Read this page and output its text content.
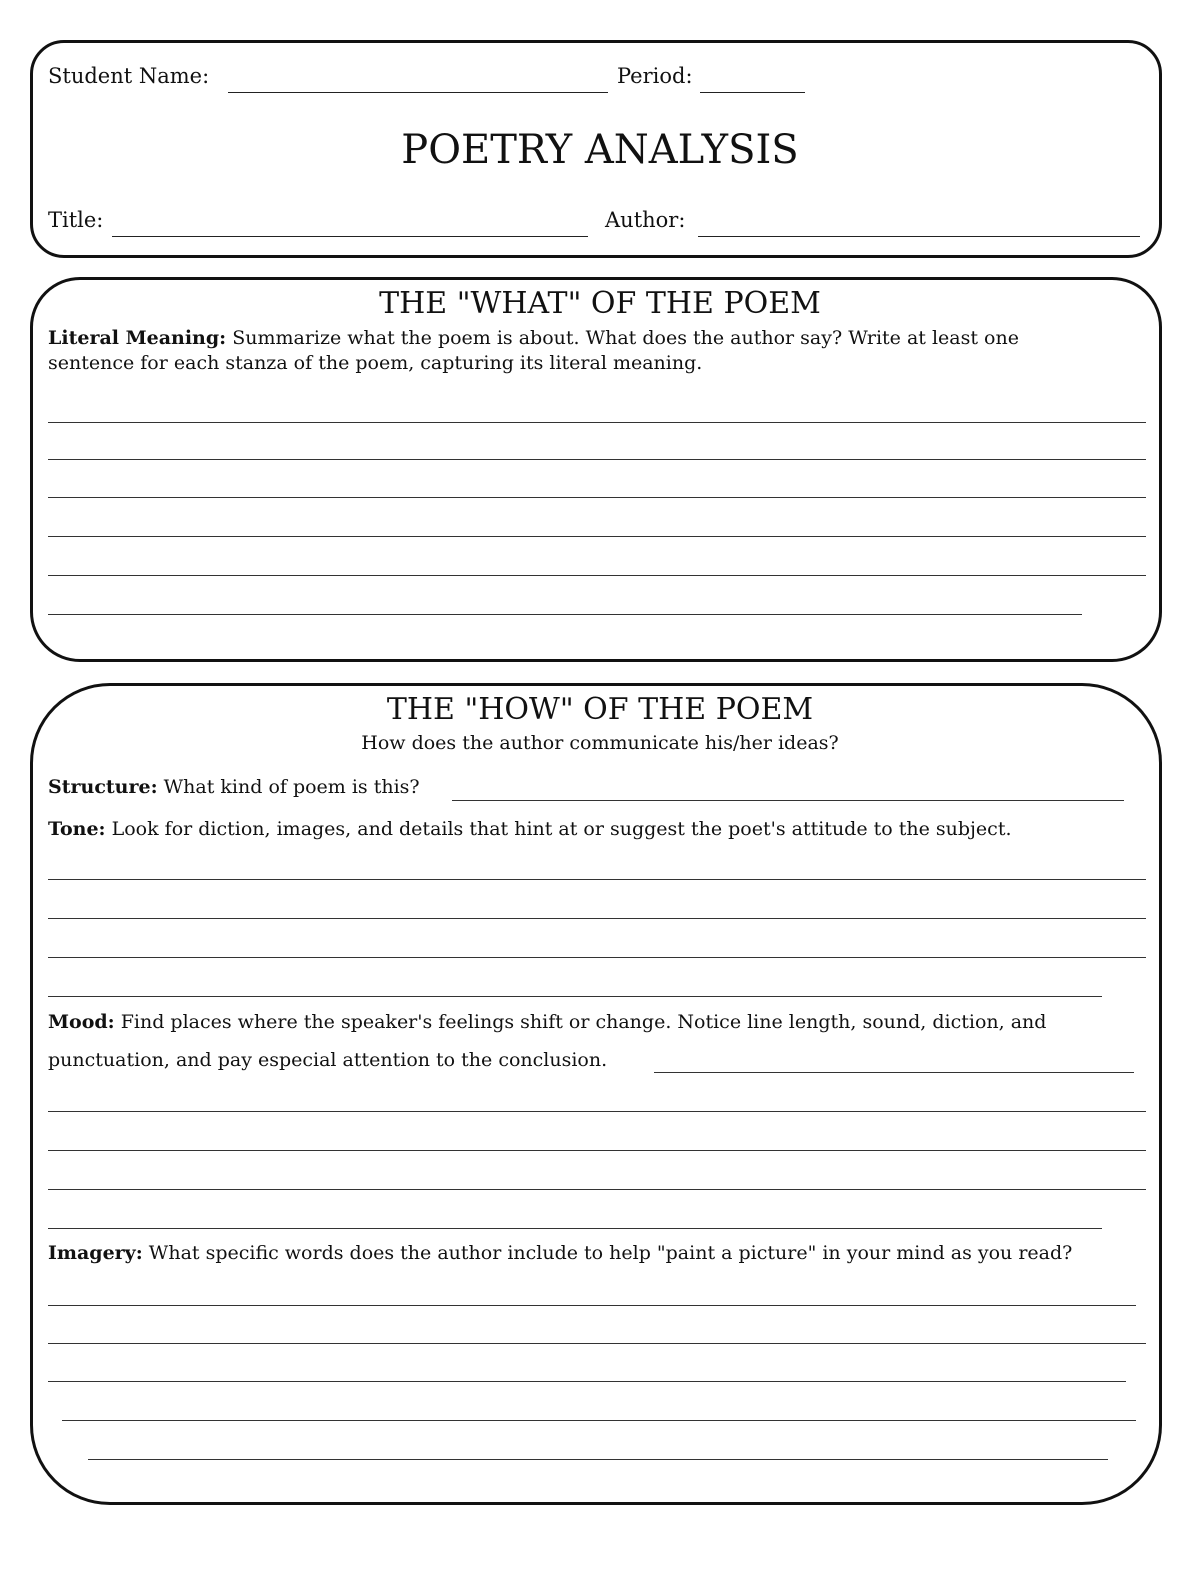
Student Name:	Period:
POETRY ANALYSIS
Title:	Author:
THE "WHAT" OF THE POEM
Literal Meaning: Summarize what the poem is about. What does the author say? Write at least one
sentence for each stanza of the poem, capturing its literal meaning.
THE "HOW" OF THE POEM
How does the author communicate his/her ideas?
Structure: What kind of poem is this?
Tone: Look for diction, images, and details that hint at or suggest the poet's attitude to the subject.
Mood: Find places where the speaker's feelings shift or change. Notice line length, sound, diction, and
punctuation, and pay especial attention to the conclusion.
Imagery: What specific words does the author include to help "paint a picture" in your mind as you read?
